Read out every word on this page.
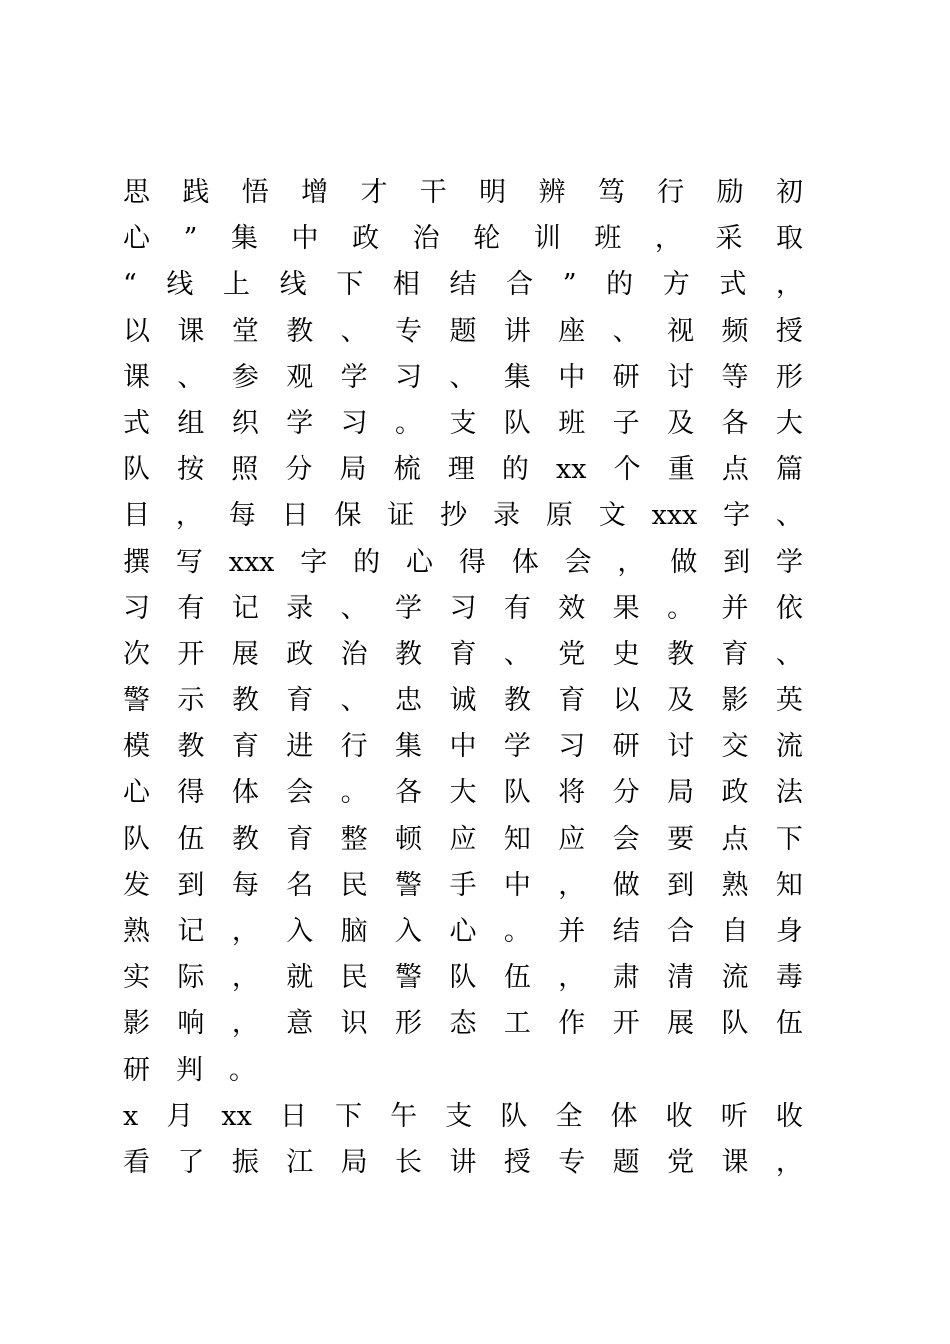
思 践 悟 增 才 干 明 辨 笃 行 励 初
心 ” 集 中 政 治 轮 训 班 ， 采 取
“ 线 上 线 下 相 结 合 ” 的 方 式 ，
以 课 堂 教 、 专 题 讲 座 、 视 频 授
课 、 参 观 学 习 、 集 中 研 讨 等 形
式 组 织 学 习 。 支 队 班 子 及 各 大
队 按 照 分 局 梳 理 的 xx 个 重 点 篇
目 ， 每 日 保 证 抄 录 原 文 xxx 字 、
撰 写 xxx 字 的 心 得 体 会 ， 做 到 学
习 有 记 录 、 学 习 有 效 果 。 并 依
次 开 展 政 治 教 育 、 党 史 教 育 、
警 示 教 育 、 忠 诚 教 育 以 及 影 英
模 教 育 进 行 集 中 学 习 研 讨 交 流
心 得 体 会 。 各 大 队 将 分 局 政 法
队 伍 教 育 整 顿 应 知 应 会 要 点 下
发 到 每 名 民 警 手 中 ， 做 到 熟 知
熟 记 ， 入 脑 入 心 。 并 结 合 自 身
实 际 ， 就 民 警 队 伍 ， 肃 清 流 毒
影 响 ， 意 识 形 态 工 作 开 展 队 伍
研 判 。
x 月 xx 日 下 午 支 队 全 体 收 听 收
看 了 振 江 局 长 讲 授 专 题 党 课 ，
